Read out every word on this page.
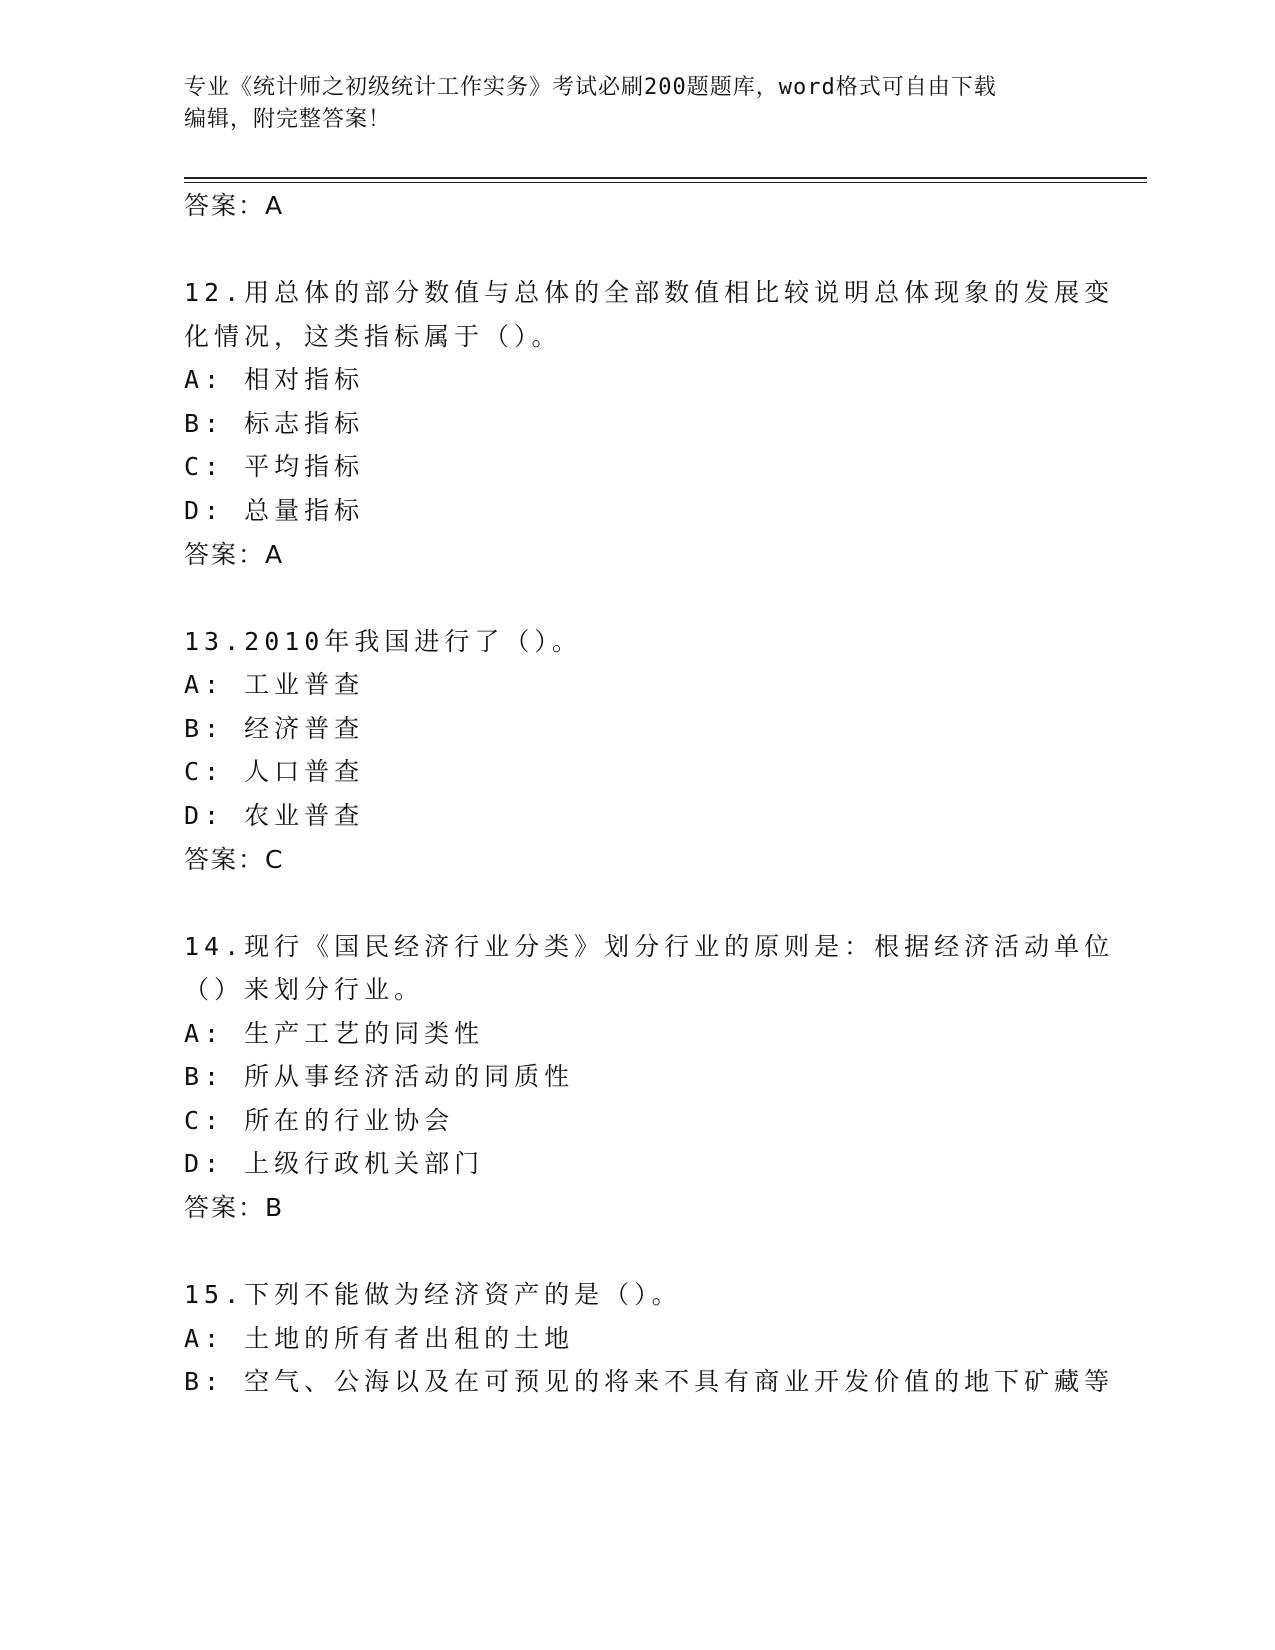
专业《统计师之初级统计工作实务》考试必刷200题题库，word格式可自由下载
编辑，附完整答案！
答案：A
12.用总体的部分数值与总体的全部数值相比较说明总体现象的发展变
化情况，这类指标属于（）。
A: 相对指标
B: 标志指标
C: 平均指标
D: 总量指标
答案：A
13.2010年我国进行了（）。
A: 工业普查
B: 经济普查
C: 人口普查
D: 农业普查
答案：C
14.现行《国民经济行业分类》划分行业的原则是：根据经济活动单位
（）来划分行业。
A: 生产工艺的同类性
B: 所从事经济活动的同质性
C: 所在的行业协会
D: 上级行政机关部门
答案：B
15.下列不能做为经济资产的是（）。
A: 土地的所有者出租的土地
B: 空气、公海以及在可预见的将来不具有商业开发价值的地下矿藏等
